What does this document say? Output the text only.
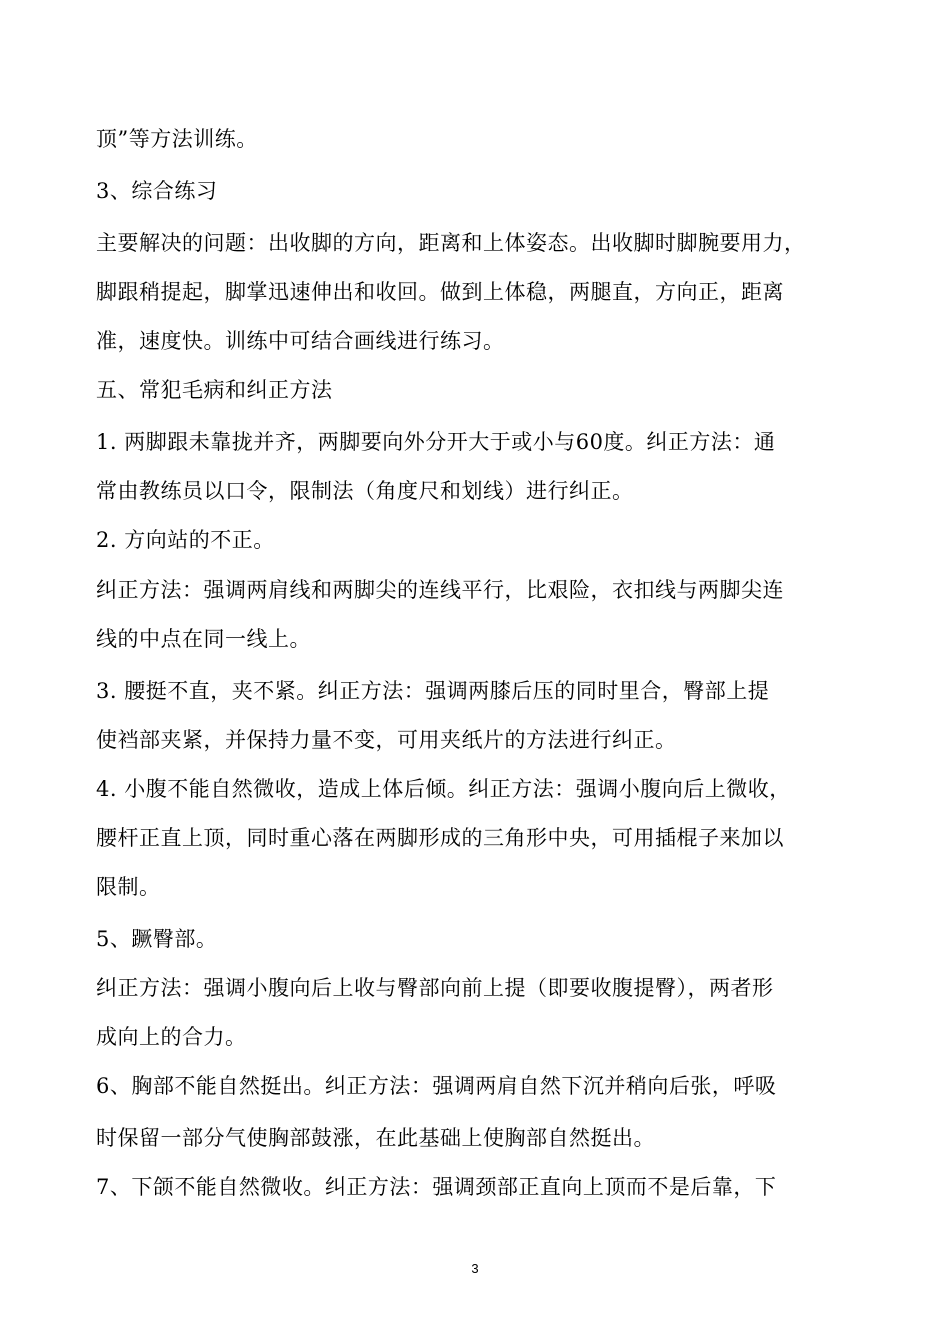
顶”等方法训练。
3、综合练习
主要解决的问题：出收脚的方向，距离和上体姿态。出收脚时脚腕要用力，
脚跟稍提起，脚掌迅速伸出和收回。做到上体稳，两腿直，方向正，距离
准，速度快。训练中可结合画线进行练习。
五、常犯毛病和纠正方法
1. 两脚跟未靠拢并齐，两脚要向外分开大于或小与60度。纠正方法：通
常由教练员以口令，限制法（角度尺和划线）进行纠正。
2. 方向站的不正。
纠正方法：强调两肩线和两脚尖的连线平行，比艰险，衣扣线与两脚尖连
线的中点在同一线上。
3. 腰挺不直，夹不紧。纠正方法：强调两膝后压的同时里合，臀部上提
使裆部夹紧，并保持力量不变，可用夹纸片的方法进行纠正。
4. 小腹不能自然微收，造成上体后倾。纠正方法：强调小腹向后上微收，
腰杆正直上顶，同时重心落在两脚形成的三角形中央，可用插棍子来加以
限制。
5、蹶臀部。
纠正方法：强调小腹向后上收与臀部向前上提（即要收腹提臀），两者形
成向上的合力。
6、胸部不能自然挺出。纠正方法：强调两肩自然下沉并稍向后张，呼吸
时保留一部分气使胸部鼓涨，在此基础上使胸部自然挺出。
7、下颌不能自然微收。纠正方法：强调颈部正直向上顶而不是后靠，下
3
